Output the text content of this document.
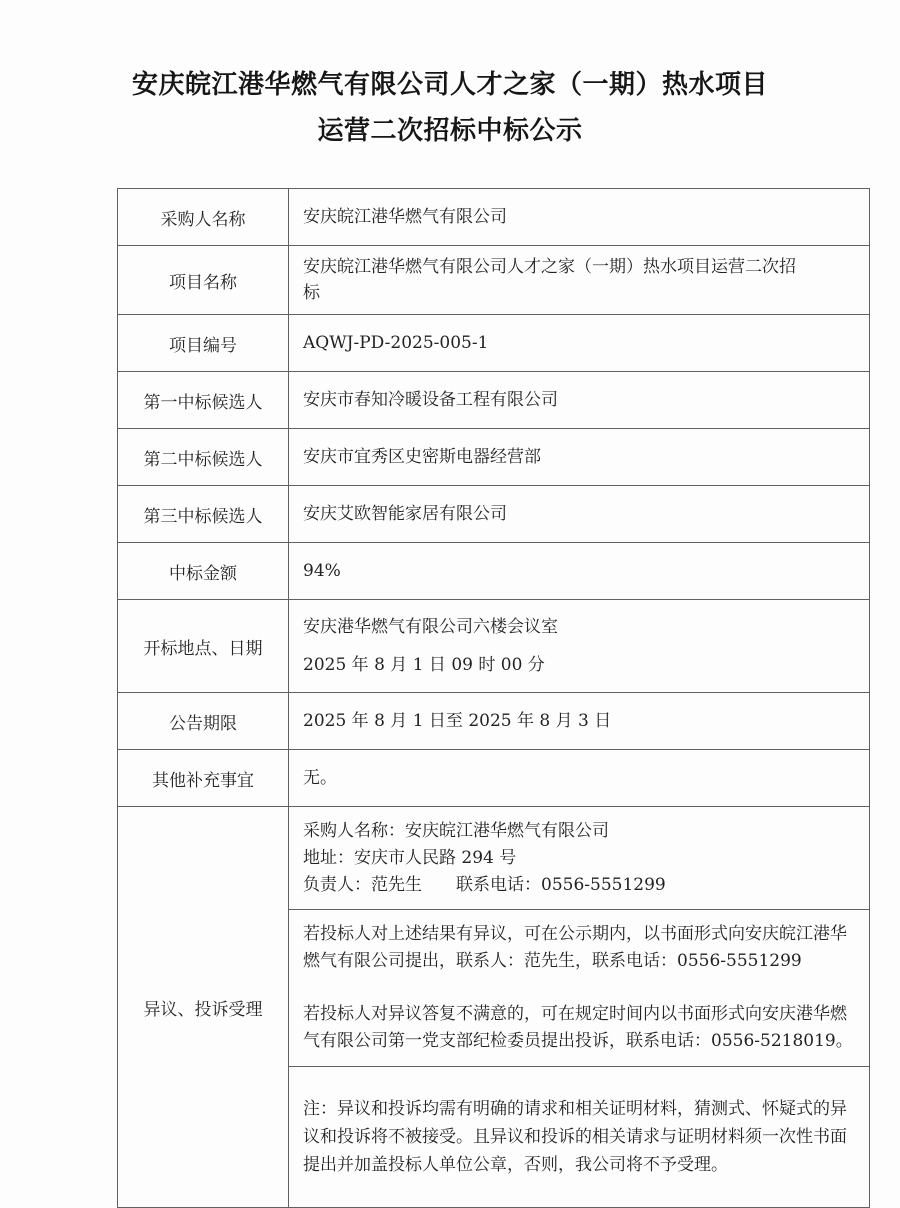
安庆皖江港华燃气有限公司人才之家（一期）热水项目运营二次招标中标公示
采购人名称	安庆皖江港华燃气有限公司

项目名称	安庆皖江港华燃气有限公司人才之家（一期）热水项目运营二次招标

项目编号	AQWJ-PD-2025-005-1

第一中标候选人	安庆市春知冷暖设备工程有限公司

第二中标候选人	安庆市宜秀区史密斯电器经营部

第三中标候选人	安庆艾欧智能家居有限公司

中标金额	94%

开标地点、日期	安庆港华燃气有限公司六楼会议室
2025 年 8 月 1 日 09 时 00 分

公告期限	2025 年 8 月 1 日至 2025 年 8 月 3 日

其他补充事宜	无。

异议、投诉受理	采购人名称：安庆皖江港华燃气有限公司
地址：安庆市人民路 294 号
负责人：范先生　　联系电话：0556-5551299

	若投标人对上述结果有异议，可在公示期内，以书面形式向安庆皖江港华燃气有限公司提出，联系人：范先生，联系电话：0556-5551299

若投标人对异议答复不满意的，可在规定时间内以书面形式向安庆港华燃气有限公司第一党支部纪检委员提出投诉，联系电话：0556-5218019。

	注：异议和投诉均需有明确的请求和相关证明材料，猜测式、怀疑式的异议和投诉将不被接受。且异议和投诉的相关请求与证明材料须一次性书面提出并加盖投标人单位公章，否则，我公司将不予受理。
